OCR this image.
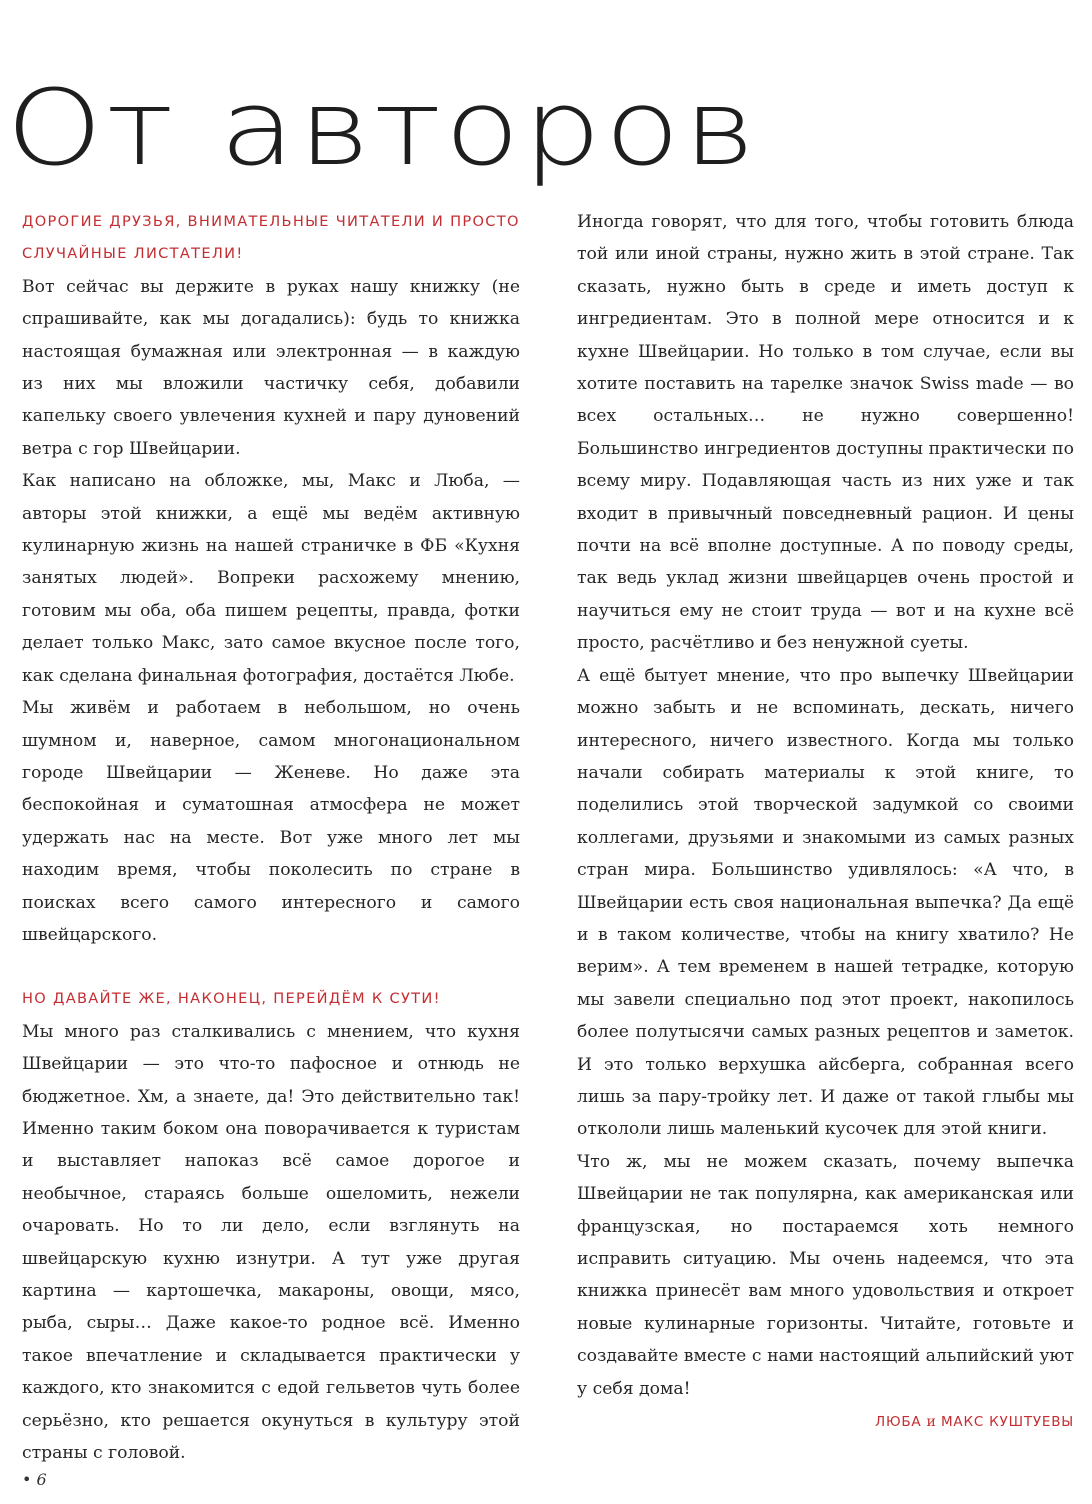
От авторов

ДОРОГИЕ ДРУЗЬЯ, ВНИМАТЕЛЬНЫЕ ЧИТАТЕЛИ И ПРОСТО СЛУЧАЙНЫЕ ЛИСТАТЕЛИ!

Вот сейчас вы держите в руках нашу книжку (не спрашивайте, как мы догадались): будь то книжка настоящая бумажная или электронная — в каждую из них мы вложили частичку себя, добавили капельку своего увлечения кухней и пару дуновений ветра с гор Швейцарии.

Как написано на обложке, мы, Макс и Люба, — авторы этой книжки, а ещё мы ведём активную кулинарную жизнь на нашей страничке в ФБ «Кухня занятых людей». Вопреки расхожему мнению, готовим мы оба, оба пишем рецепты, правда, фотки делает только Макс, зато самое вкусное после того, как сделана финальная фотография, достаётся Любе.

Мы живём и работаем в небольшом, но очень шумном и, наверное, самом многонациональном городе Швейцарии — Женеве. Но даже эта беспокойная и суматошная атмосфера не может удержать нас на месте. Вот уже много лет мы находим время, чтобы поколесить по стране в поисках всего самого интересного и самого швейцарского.

НО ДАВАЙТЕ ЖЕ, НАКОНЕЦ, ПЕРЕЙДЁМ К СУТИ!

Мы много раз сталкивались с мнением, что кухня Швейцарии — это что-то пафосное и отнюдь не бюджетное. Хм, а знаете, да! Это действительно так! Именно таким боком она поворачивается к туристам и выставляет напоказ всё самое дорогое и необычное, стараясь больше ошеломить, нежели очаровать. Но то ли дело, если взглянуть на швейцарскую кухню изнутри. А тут уже другая картина — картошечка, макароны, овощи, мясо, рыба, сыры… Даже какое-то родное всё. Именно такое впечатление и складывается практически у каждого, кто знакомится с едой гельветов чуть более серьёзно, кто решается окунуться в культуру этой страны с головой.

Иногда говорят, что для того, чтобы готовить блюда той или иной страны, нужно жить в этой стране. Так сказать, нужно быть в среде и иметь доступ к ингредиентам. Это в полной мере относится и к кухне Швейцарии. Но только в том случае, если вы хотите поставить на тарелке значок Swiss made — во всех остальных… не нужно совершенно! Большинство ингредиентов доступны практически по всему миру. Подавляющая часть из них уже и так входит в привычный повседневный рацион. И цены почти на всё вполне доступные. А по поводу среды, так ведь уклад жизни швейцарцев очень простой и научиться ему не стоит труда — вот и на кухне всё просто, расчётливо и без ненужной суеты.

А ещё бытует мнение, что про выпечку Швейцарии можно забыть и не вспоминать, дескать, ничего интересного, ничего известного. Когда мы только начали собирать материалы к этой книге, то поделились этой творческой задумкой со своими коллегами, друзьями и знакомыми из самых разных стран мира. Большинство удивлялось: «А что, в Швейцарии есть своя национальная выпечка? Да ещё и в таком количестве, чтобы на книгу хватило? Не верим». А тем временем в нашей тетрадке, которую мы завели специально под этот проект, накопилось более полутысячи самых разных рецептов и заметок. И это только верхушка айсберга, собранная всего лишь за пару-тройку лет. И даже от такой глыбы мы откололи лишь маленький кусочек для этой книги.

Что ж, мы не можем сказать, почему выпечка Швейцарии не так популярна, как американская или французская, но постараемся хоть немного исправить ситуацию. Мы очень надеемся, что эта книжка принесёт вам много удовольствия и откроет новые кулинарные горизонты. Читайте, готовьте и создавайте вместе с нами настоящий альпийский уют у себя дома!

ЛЮБА и МАКС КУШТУЕВЫ

• 6
